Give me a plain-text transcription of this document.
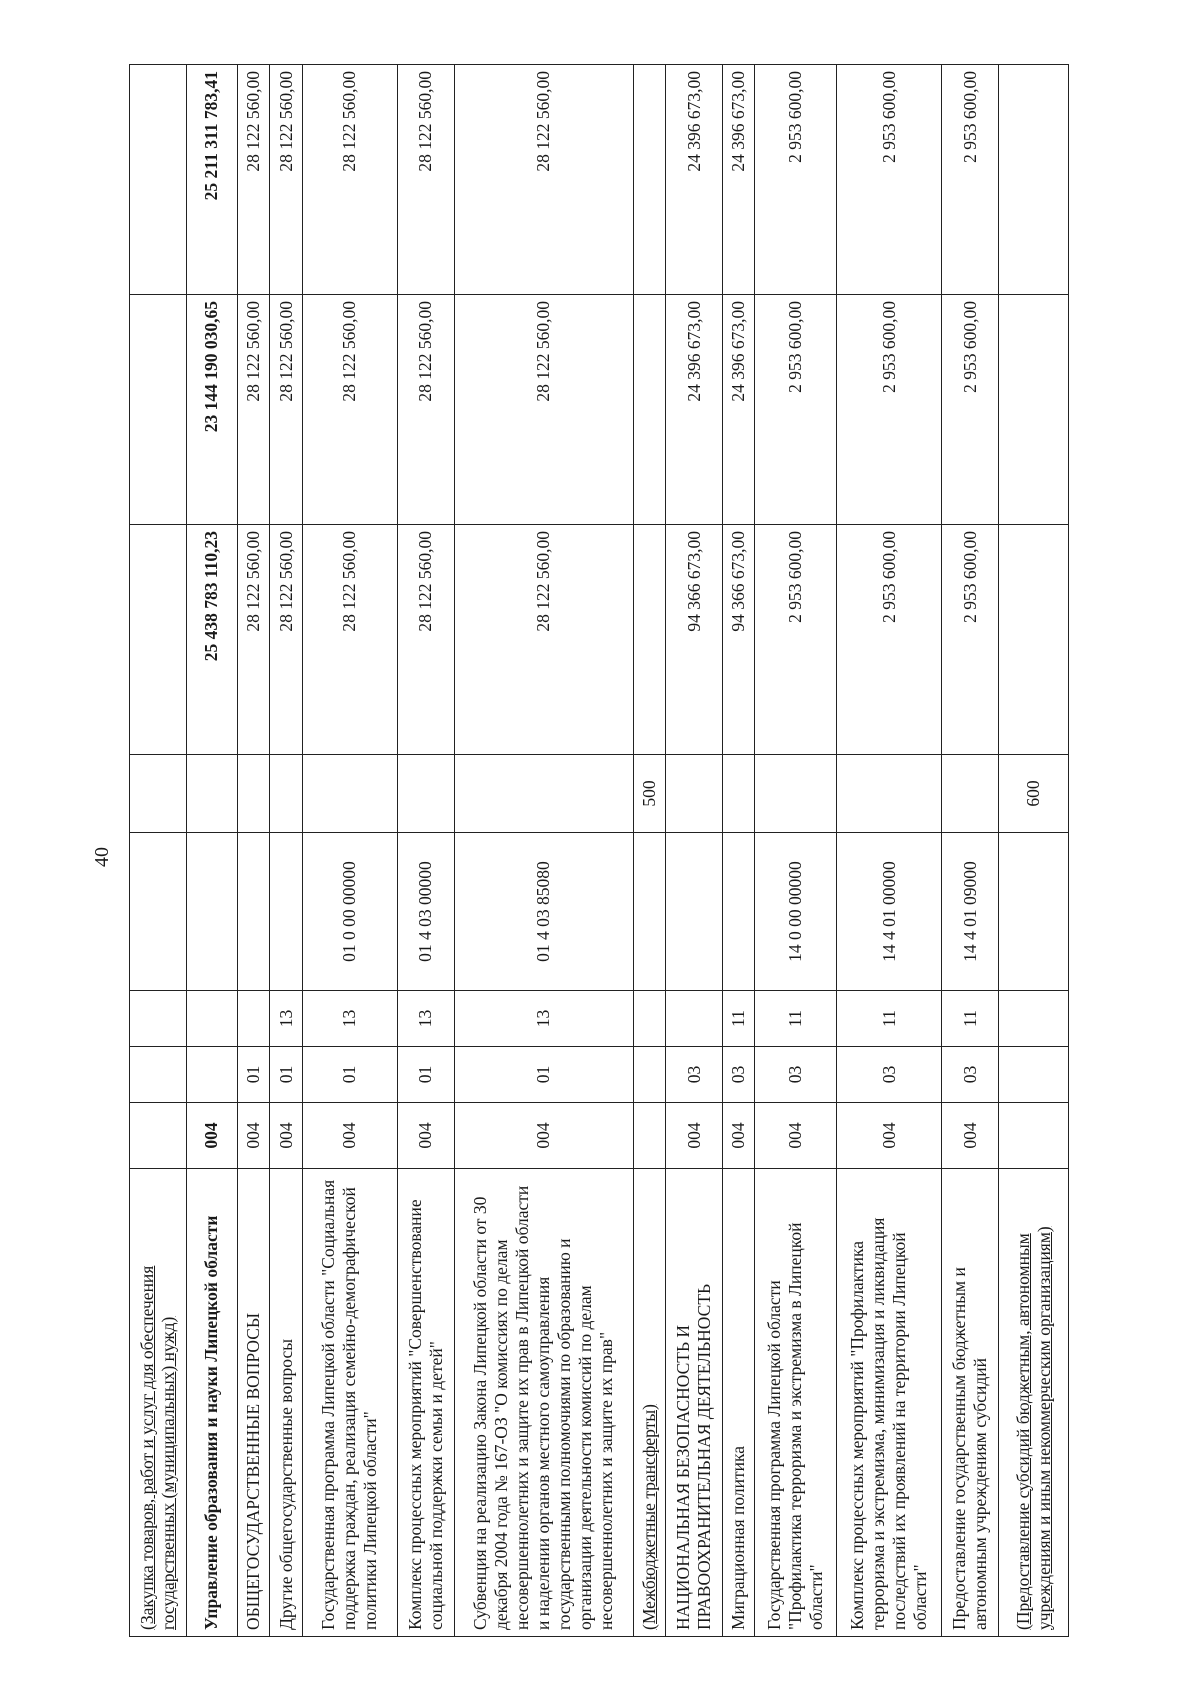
40
(Закупка товаров, работ и услуг для обеспечения государственных (муниципальных) нужд)								
Управление образования и науки Липецкой области	004					25 438 783 110,23	23 144 190 030,65	25 211 311 783,41
ОБЩЕГОСУДАРСТВЕННЫЕ ВОПРОСЫ	004	01				28 122 560,00	28 122 560,00	28 122 560,00
Другие общегосударственные вопросы	004	01	13			28 122 560,00	28 122 560,00	28 122 560,00
Государственная программа Липецкой области "Социальная поддержка граждан, реализация семейно-демографической политики Липецкой области"	004	01	13	01 0 00 00000		28 122 560,00	28 122 560,00	28 122 560,00
Комплекс процессных мероприятий "Совершенствование социальной поддержки семьи и детей"	004	01	13	01 4 03 00000		28 122 560,00	28 122 560,00	28 122 560,00
Субвенция на реализацию Закона Липецкой области от 30 декабря 2004 года № 167-ОЗ "О комиссиях по делам несовершеннолетних и защите их прав в Липецкой области и наделении органов местного самоуправления государственными полномочиями по образованию и организации деятельности комиссий по делам несовершеннолетних и защите их прав"	004	01	13	01 4 03 85080		28 122 560,00	28 122 560,00	28 122 560,00
(Межбюджетные трансферты)					500			
НАЦИОНАЛЬНАЯ БЕЗОПАСНОСТЬ И ПРАВООХРАНИТЕЛЬНАЯ ДЕЯТЕЛЬНОСТЬ	004	03				94 366 673,00	24 396 673,00	24 396 673,00
Миграционная политика	004	03	11			94 366 673,00	24 396 673,00	24 396 673,00
Государственная программа Липецкой области "Профилактика терроризма и экстремизма в Липецкой области"	004	03	11	14 0 00 00000		2 953 600,00	2 953 600,00	2 953 600,00
Комплекс процессных мероприятий "Профилактика терроризма и экстремизма, минимизация и ликвидация последствий их проявлений на территории Липецкой области"	004	03	11	14 4 01 00000		2 953 600,00	2 953 600,00	2 953 600,00
Предоставление государственным бюджетным и автономным учреждениям субсидий	004	03	11	14 4 01 09000		2 953 600,00	2 953 600,00	2 953 600,00
(Предоставление субсидий бюджетным, автономным учреждениям и иным некоммерческим организациям)					600			
